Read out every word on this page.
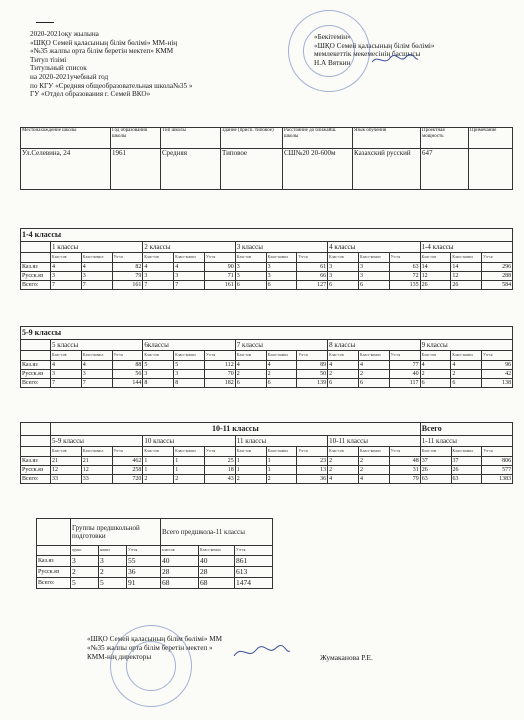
2020-2021оқу жылына
«ШҚО Семей қаласының білім бөлімі» ММ-нің
«№35 жалпы орта білім беретін мектеп» КММ
Титул тізімі
Титульный список
на 2020-2021учебный год
по КГУ «Средняя общеобразовательная школа№35 »
ГУ «Отдел образования г. Семей ВКО»
«Бекітемін»
«ШҚО Семей қаласының білім бөлімі»
мемлекеттік мекемесінің басшысы
Н.А Вяткин
Местонахождение школы	Год образования школы	Тип школы	Здание (присп. типовое)	Расстояние до ближайш. школы	Язык обучения	Проектная мощность	Примечание
Ул.Селевина, 24	1961	Средняя	Типовое	СШ№20 20-600м	Казахский русский	647	
1-4 классы															
	1 классы			2 классы			3 классы			4 классы			1-4 классы		
	Клас-сов	Класс-компл	Уч-ся	Клас-сов	Класс-компл	Уч-ся	Клас-сов	Класс-компл	Уч-ся	Клас-сов	Класс-компл	Уч-ся	Клас-сов	Класс-компл	Уч-ся
Каз.яз	4	4	82	4	4	90	3	3	61	3	3	63	14	14	296
Русск.яз	3	3	79	3	3	71	3	3	66	3	3	72	12	12	288
Всего:	7	7	161	7	7	161	6	6	127	6	6	135	26	26	584
5-9 классы															
	5 классы			6классы			7 классы			8 классы			9 классы		
	Клас-сов	Класс-компл	Уч-ся	Клас-сов	Класс-компл	Уч-ся	Клас-сов	Класс-компл	Уч-ся	Клас-сов	Класс-компл	Уч-ся	Клас-сов	Класс-компл	Уч-ся
Каз.яз	4	4	88	5	5	112	4	4	89	4	4	77	4	4	96
Русск.яз	3	3	56	3	3	70	2	2	50	2	2	40	2	2	42
Всего:	7	7	144	8	8	182	6	6	139	6	6	117	6	6	138
	10-11 классы												Всего		
	5-9 классы			10 классы			11 классы			10-11 классы			1-11 классы		
	Клас-сов	Класс-компл	Уч-ся	Клас-сов	Класс-компл	Уч-ся	Клас-сов	Класс-компл	Уч-ся	Клас-сов	Класс-компл	Уч-ся	Клас-сов	Класс-компл	Уч-ся
Каз.яз	21	21	462	1	1	25	1	1	23	2	2	48	37	37	806
Русск.яз	12	12	258	1	1	18	1	1	13	2	2	31	26	26	577
Всего:	33	33	720	2	2	43	2	2	36	4	4	79	63	63	1383
	Группы предшкольной подготовки			Всего предшкола-11 классы		
	групп	компл	Уч-ся	классов	Класс-компл	Уч-ся
Каз.яз	3	3	55	40	40	861
Русск.яз	2	2	36	28	28	613
Всего:	5	5	91	68	68	1474
«ШҚО Семей қаласының білім бөлімі» ММ
«№35 жалпы орта білім беретін мектеп »
КММ-нің директоры	Жумаканова Р.Е.
